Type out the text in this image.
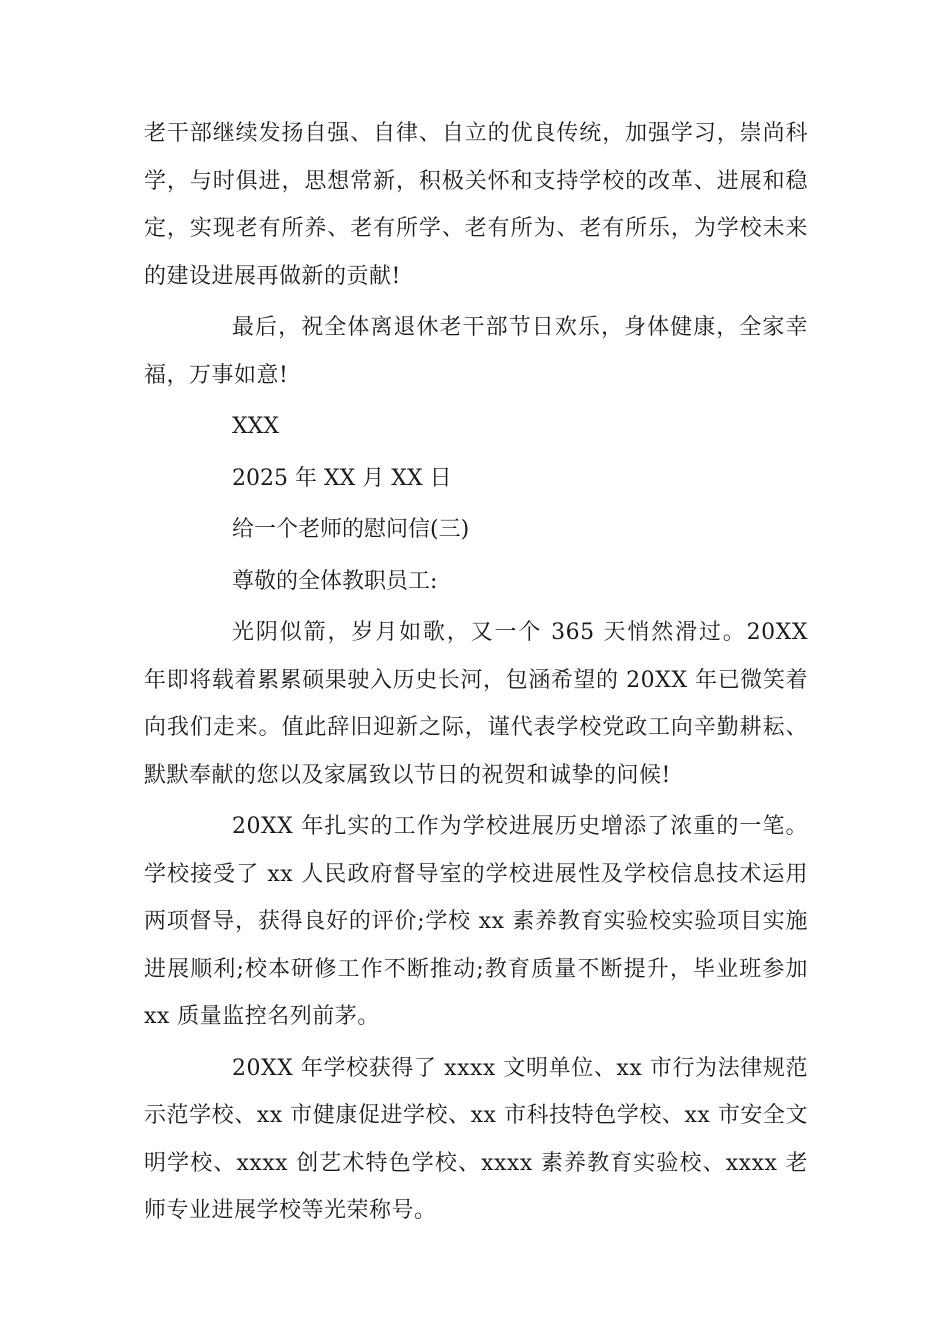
老干部继续发扬自强、自律、自立的优良传统，加强学习，崇尚科学，与时俱进，思想常新，积极关怀和支持学校的改革、进展和稳定，实现老有所养、老有所学、老有所为、老有所乐，为学校未来的建设进展再做新的贡献!

最后，祝全体离退休老干部节日欢乐，身体健康，全家幸福，万事如意!

XXX
2025 年 XX 月 XX 日
给一个老师的慰问信(三)
尊敬的全体教职员工:

光阴似箭，岁月如歌，又一个 365 天悄然滑过。20XX 年即将载着累累硕果驶入历史长河，包涵希望的 20XX 年已微笑着向我们走来。值此辞旧迎新之际，谨代表学校党政工向辛勤耕耘、默默奉献的您以及家属致以节日的祝贺和诚挚的问候!

20XX 年扎实的工作为学校进展历史增添了浓重的一笔。学校接受了 xx 人民政府督导室的学校进展性及学校信息技术运用两项督导，获得良好的评价;学校 xx 素养教育实验校实验项目实施进展顺利;校本研修工作不断推动;教育质量不断提升，毕业班参加 xx 质量监控名列前茅。

20XX 年学校获得了 xxxx 文明单位、xx 市行为法律规范示范学校、xx 市健康促进学校、xx 市科技特色学校、xx 市安全文明学校、xxxx 创艺术特色学校、xxxx 素养教育实验校、xxxx 老师专业进展学校等光荣称号。
